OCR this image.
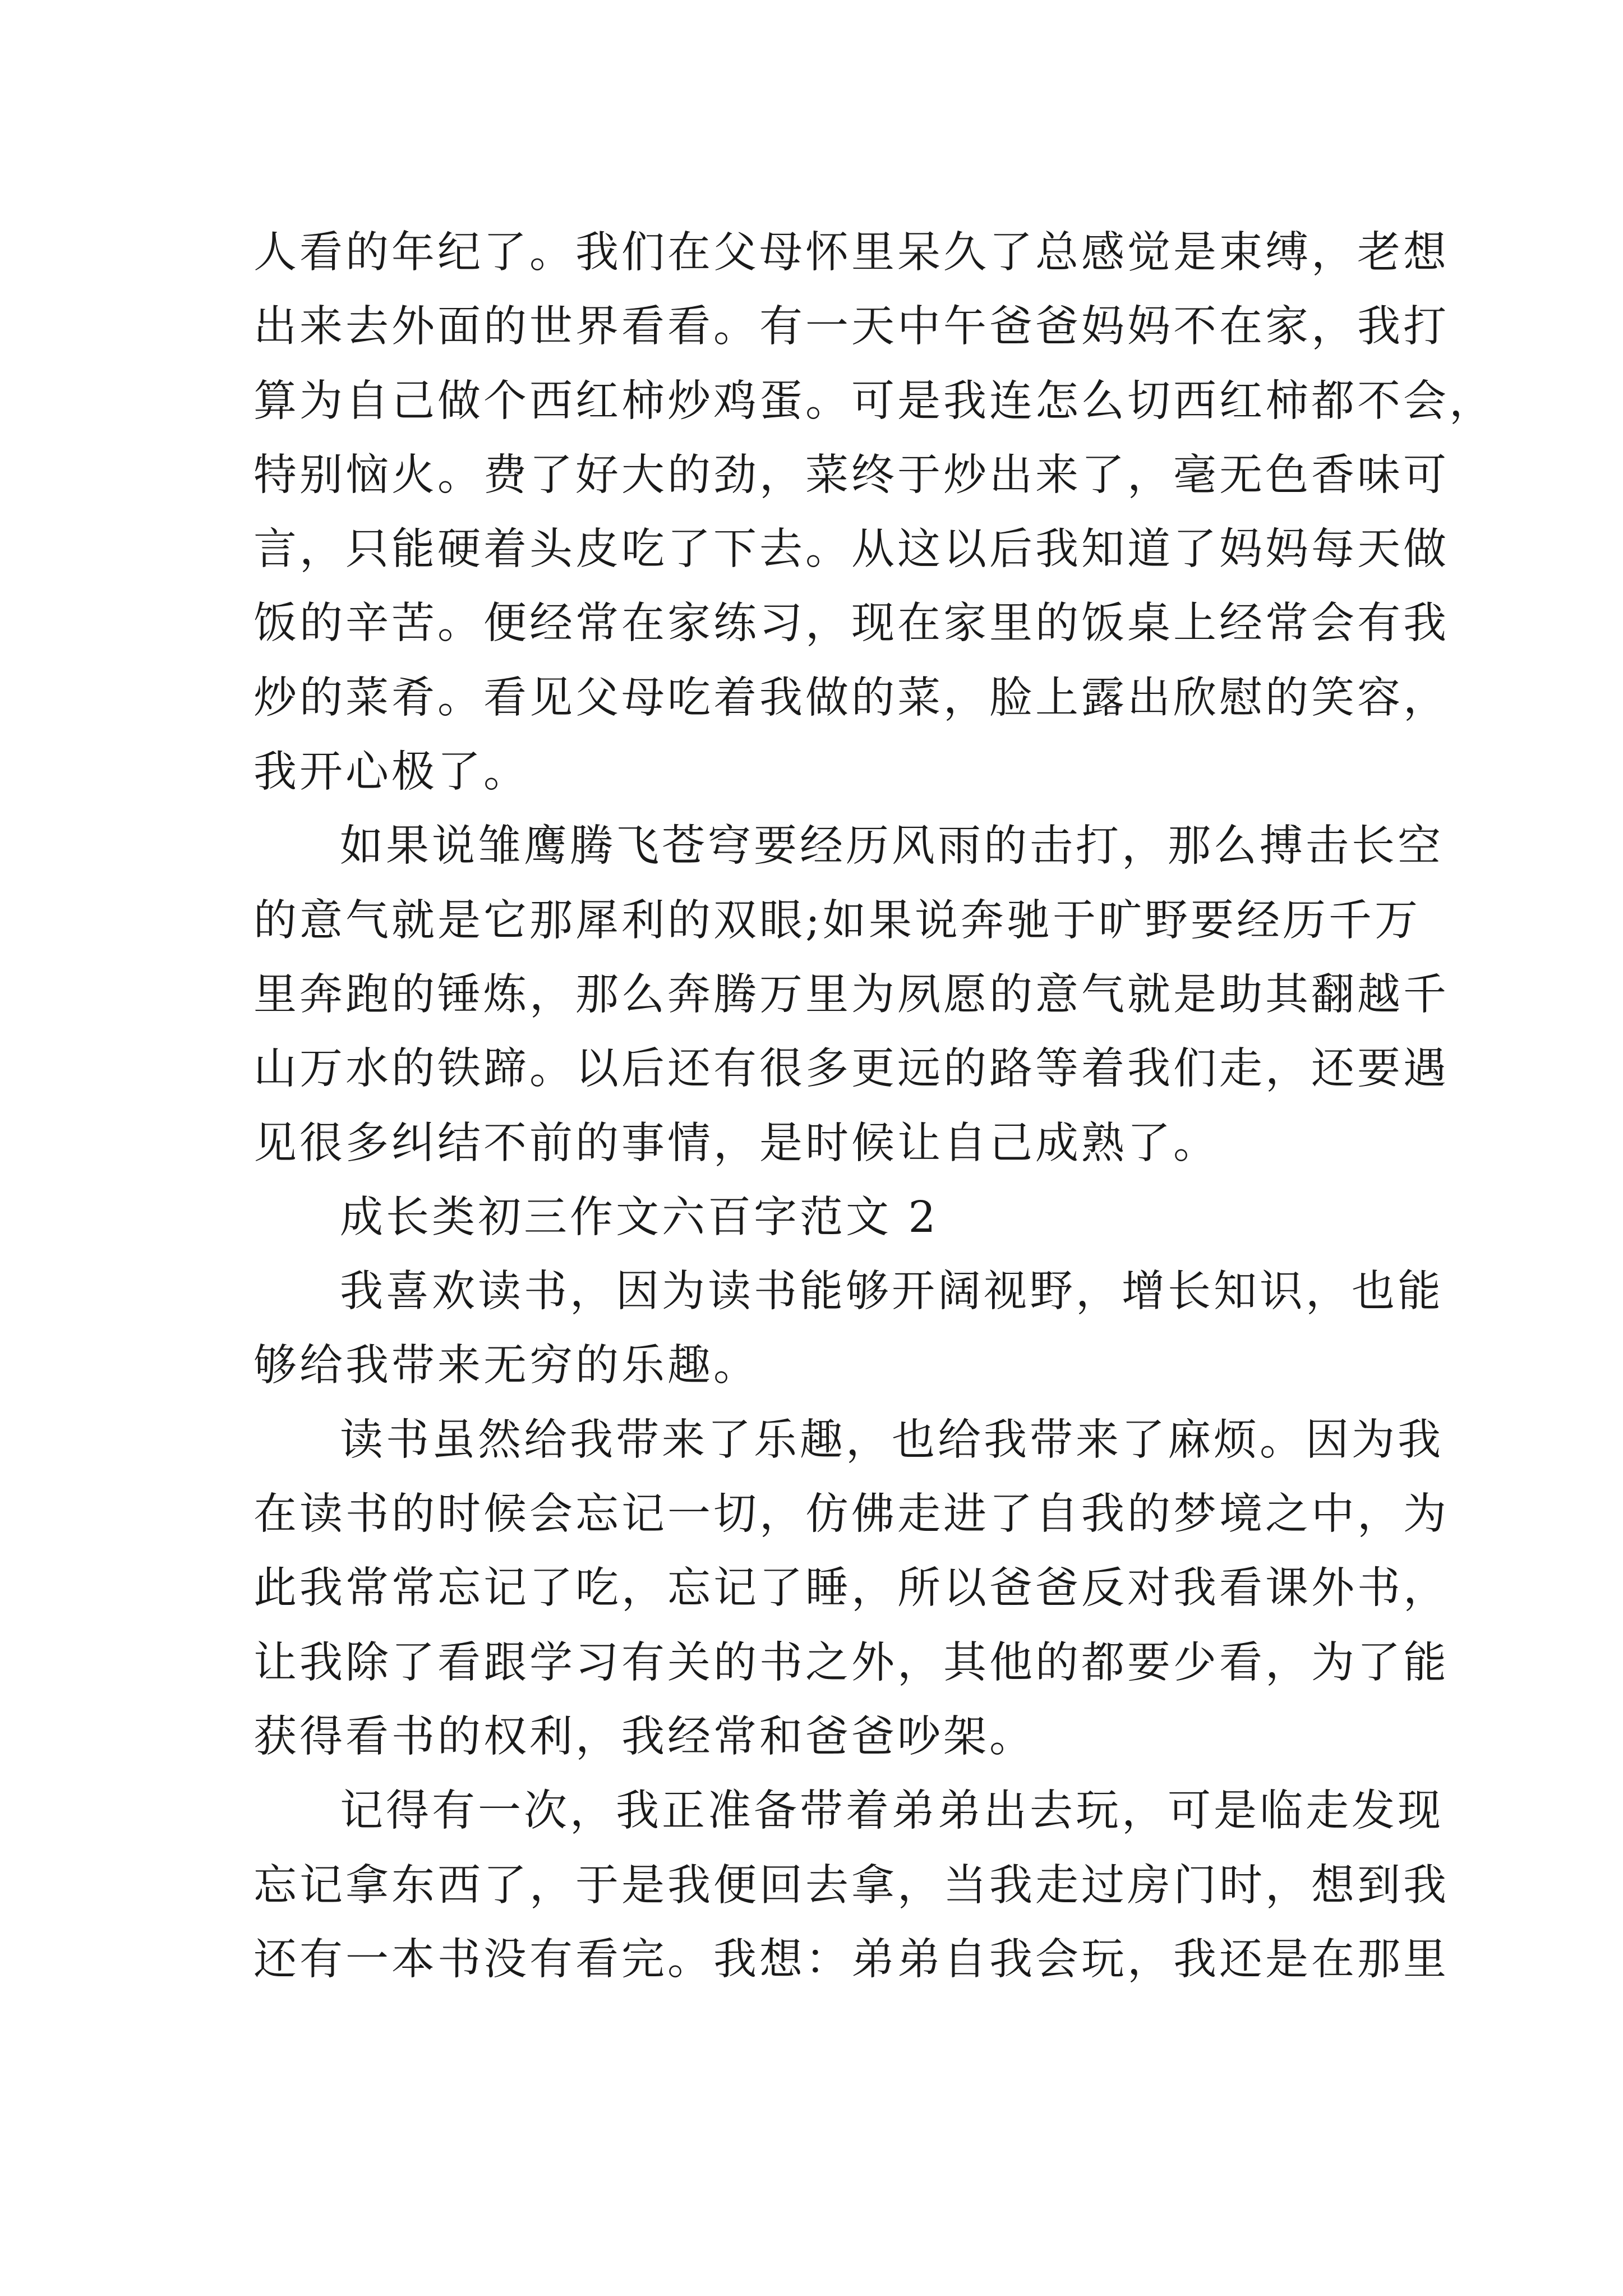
人看的年纪了。我们在父母怀里呆久了总感觉是束缚，老想
出来去外面的世界看看。有一天中午爸爸妈妈不在家，我打
算为自己做个西红柿炒鸡蛋。可是我连怎么切西红柿都不会，
特别恼火。费了好大的劲，菜终于炒出来了，毫无色香味可
言，只能硬着头皮吃了下去。从这以后我知道了妈妈每天做
饭的辛苦。便经常在家练习，现在家里的饭桌上经常会有我
炒的菜肴。看见父母吃着我做的菜，脸上露出欣慰的笑容，
我开心极了。
如果说雏鹰腾飞苍穹要经历风雨的击打，那么搏击长空
的意气就是它那犀利的双眼;如果说奔驰于旷野要经历千万
里奔跑的锤炼，那么奔腾万里为夙愿的意气就是助其翻越千
山万水的铁蹄。以后还有很多更远的路等着我们走，还要遇
见很多纠结不前的事情，是时候让自己成熟了。
成长类初三作文六百字范文 2
我喜欢读书，因为读书能够开阔视野，增长知识，也能
够给我带来无穷的乐趣。
读书虽然给我带来了乐趣，也给我带来了麻烦。因为我
在读书的时候会忘记一切，仿佛走进了自我的梦境之中，为
此我常常忘记了吃，忘记了睡，所以爸爸反对我看课外书，
让我除了看跟学习有关的书之外，其他的都要少看，为了能
获得看书的权利，我经常和爸爸吵架。
记得有一次，我正准备带着弟弟出去玩，可是临走发现
忘记拿东西了，于是我便回去拿，当我走过房门时，想到我
还有一本书没有看完。我想：弟弟自我会玩，我还是在那里
